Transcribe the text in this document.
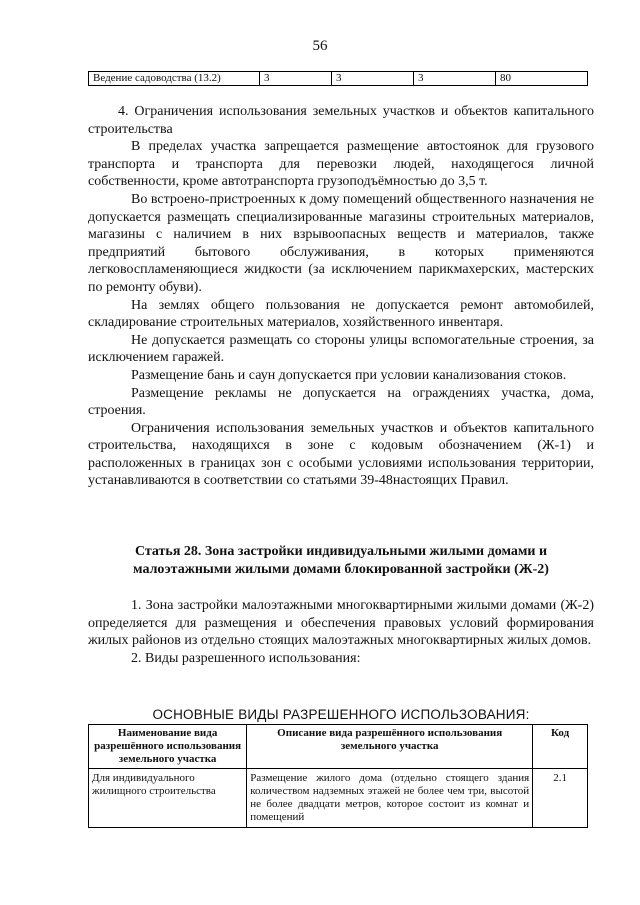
56
Ведение садоводства (13.2)	3	3	3	80

4. Ограничения использования земельных участков и объектов капитального строительства

В пределах участка запрещается размещение автостоянок для грузового транспорта и транспорта для перевозки людей, находящегося личной собственности, кроме автотранспорта грузоподъёмностью до 3,5 т.

Во встроено-пристроенных к дому помещений общественного назначения не допускается размещать специализированные магазины строительных материалов, магазины с наличием в них взрывоопасных веществ и материалов, также предприятий бытового обслуживания, в которых применяются легковоспламеняющиеся жидкости (за исключением парикмахерских, мастерских по ремонту обуви).

На землях общего пользования не допускается ремонт автомобилей, складирование строительных материалов, хозяйственного инвентаря.

Не допускается размещать со стороны улицы вспомогательные строения, за исключением гаражей.

Размещение бань и саун допускается при условии канализования стоков.

Размещение рекламы не допускается на ограждениях участка, дома, строения.

Ограничения использования земельных участков и объектов капитального строительства, находящихся в зоне с кодовым обозначением (Ж-1) и расположенных в границах зон с особыми условиями использования территории, устанавливаются в соответствии со статьями 39-48настоящих Правил.

Статья 28. Зона застройки индивидуальными жилыми домами и малоэтажными жилыми домами блокированной застройки (Ж-2)

1. Зона застройки малоэтажными многоквартирными жилыми домами (Ж-2) определяется для размещения и обеспечения правовых условий формирования жилых районов из отдельно стоящих малоэтажных многоквартирных жилых домов.

2. Виды разрешенного использования:

ОСНОВНЫЕ ВИДЫ РАЗРЕШЕННОГО ИСПОЛЬЗОВАНИЯ:
Наименование вида разрешённого использования земельного участка	Описание вида разрешённого использования земельного участка	Код
Для индивидуального жилищного строительства	Размещение жилого дома (отдельно стоящего здания количеством надземных этажей не более чем три, высотой не более двадцати метров, которое состоит из комнат и помещений	2.1
